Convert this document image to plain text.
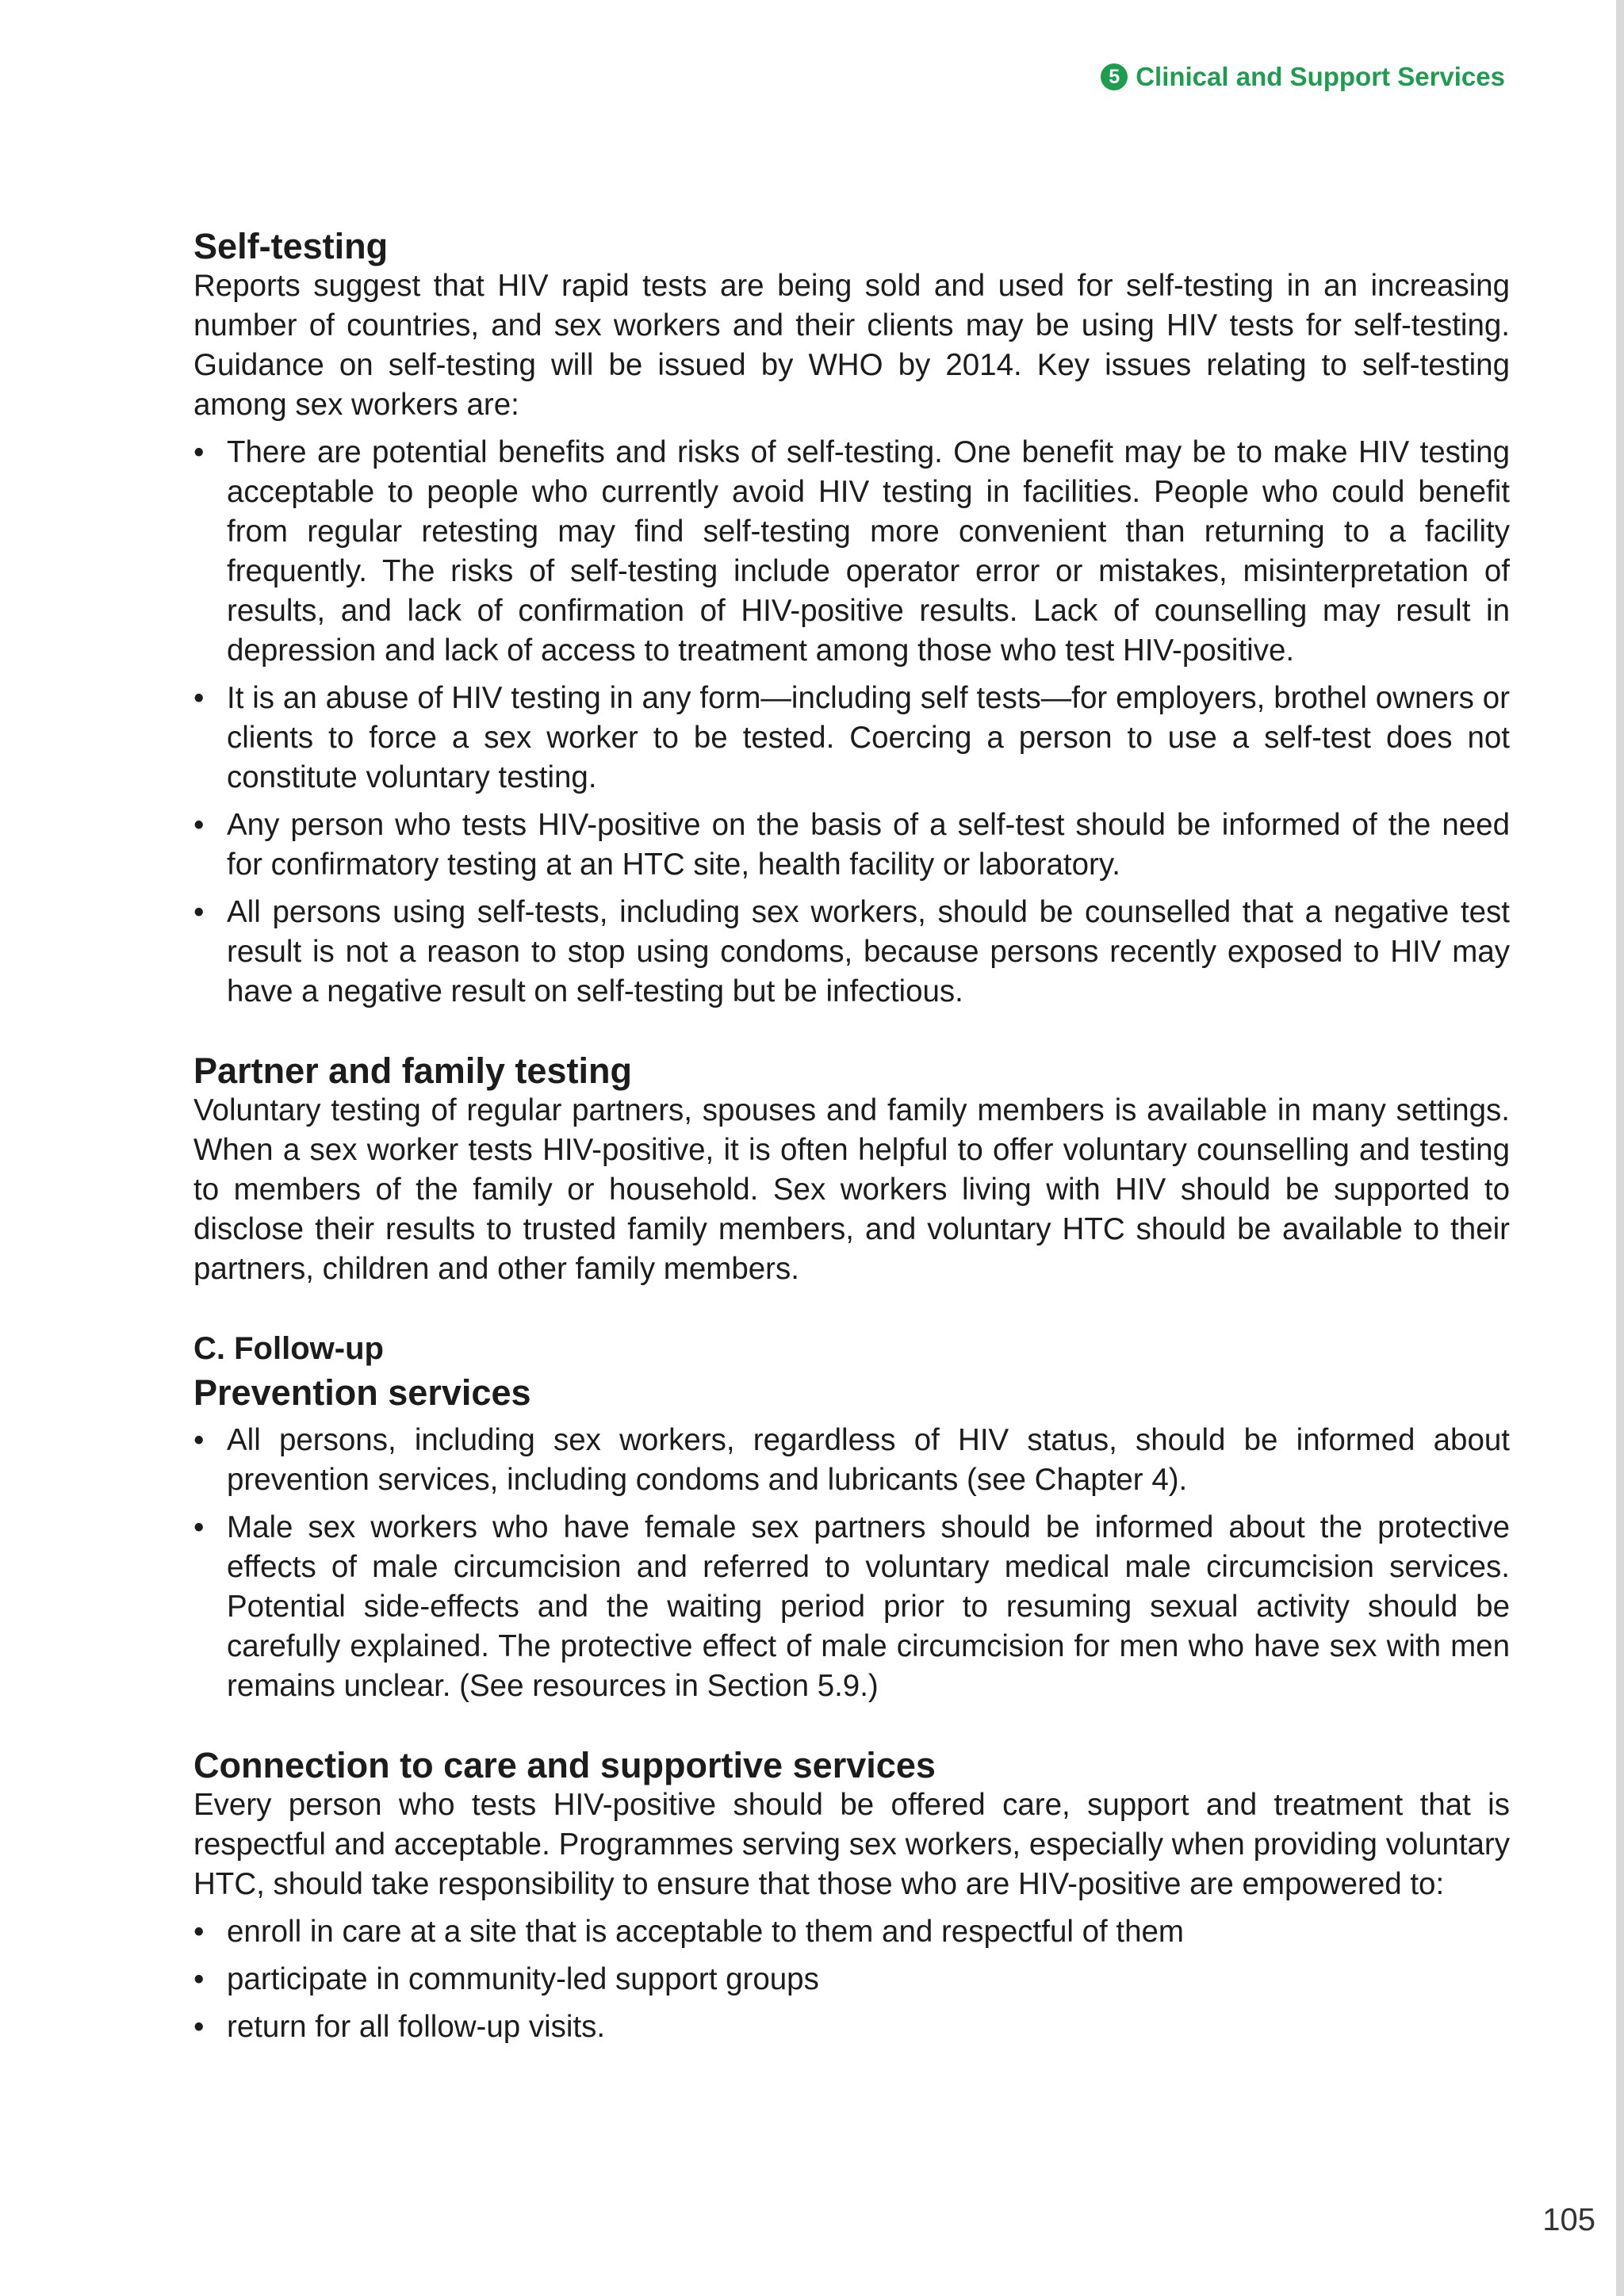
5 Clinical and Support Services
Self-testing

Reports suggest that HIV rapid tests are being sold and used for self-testing in an increasing number of countries, and sex workers and their clients may be using HIV tests for self-testing. Guidance on self-testing will be issued by WHO by 2014. Key issues relating to self-testing among sex workers are:

• There are potential benefits and risks of self-testing. One benefit may be to make HIV testing acceptable to people who currently avoid HIV testing in facilities. People who could benefit from regular retesting may find self-testing more convenient than returning to a facility frequently. The risks of self-testing include operator error or mistakes, misinterpretation of results, and lack of confirmation of HIV-positive results. Lack of counselling may result in depression and lack of access to treatment among those who test HIV-positive.
• It is an abuse of HIV testing in any form—including self tests—for employers, brothel owners or clients to force a sex worker to be tested. Coercing a person to use a self-test does not constitute voluntary testing.
• Any person who tests HIV-positive on the basis of a self-test should be informed of the need for confirmatory testing at an HTC site, health facility or laboratory.
• All persons using self-tests, including sex workers, should be counselled that a negative test result is not a reason to stop using condoms, because persons recently exposed to HIV may have a negative result on self-testing but be infectious.
Partner and family testing

Voluntary testing of regular partners, spouses and family members is available in many settings. When a sex worker tests HIV-positive, it is often helpful to offer voluntary counselling and testing to members of the family or household. Sex workers living with HIV should be supported to disclose their results to trusted family members, and voluntary HTC should be available to their partners, children and other family members.

C. Follow-up
Prevention services
• All persons, including sex workers, regardless of HIV status, should be informed about prevention services, including condoms and lubricants (see Chapter 4).
• Male sex workers who have female sex partners should be informed about the protective effects of male circumcision and referred to voluntary medical male circumcision services. Potential side-effects and the waiting period prior to resuming sexual activity should be carefully explained. The protective effect of male circumcision for men who have sex with men remains unclear. (See resources in Section 5.9.)
Connection to care and supportive services

Every person who tests HIV-positive should be offered care, support and treatment that is respectful and acceptable. Programmes serving sex workers, especially when providing voluntary HTC, should take responsibility to ensure that those who are HIV-positive are empowered to:

• enroll in care at a site that is acceptable to them and respectful of them
• participate in community-led support groups
• return for all follow-up visits.
105
